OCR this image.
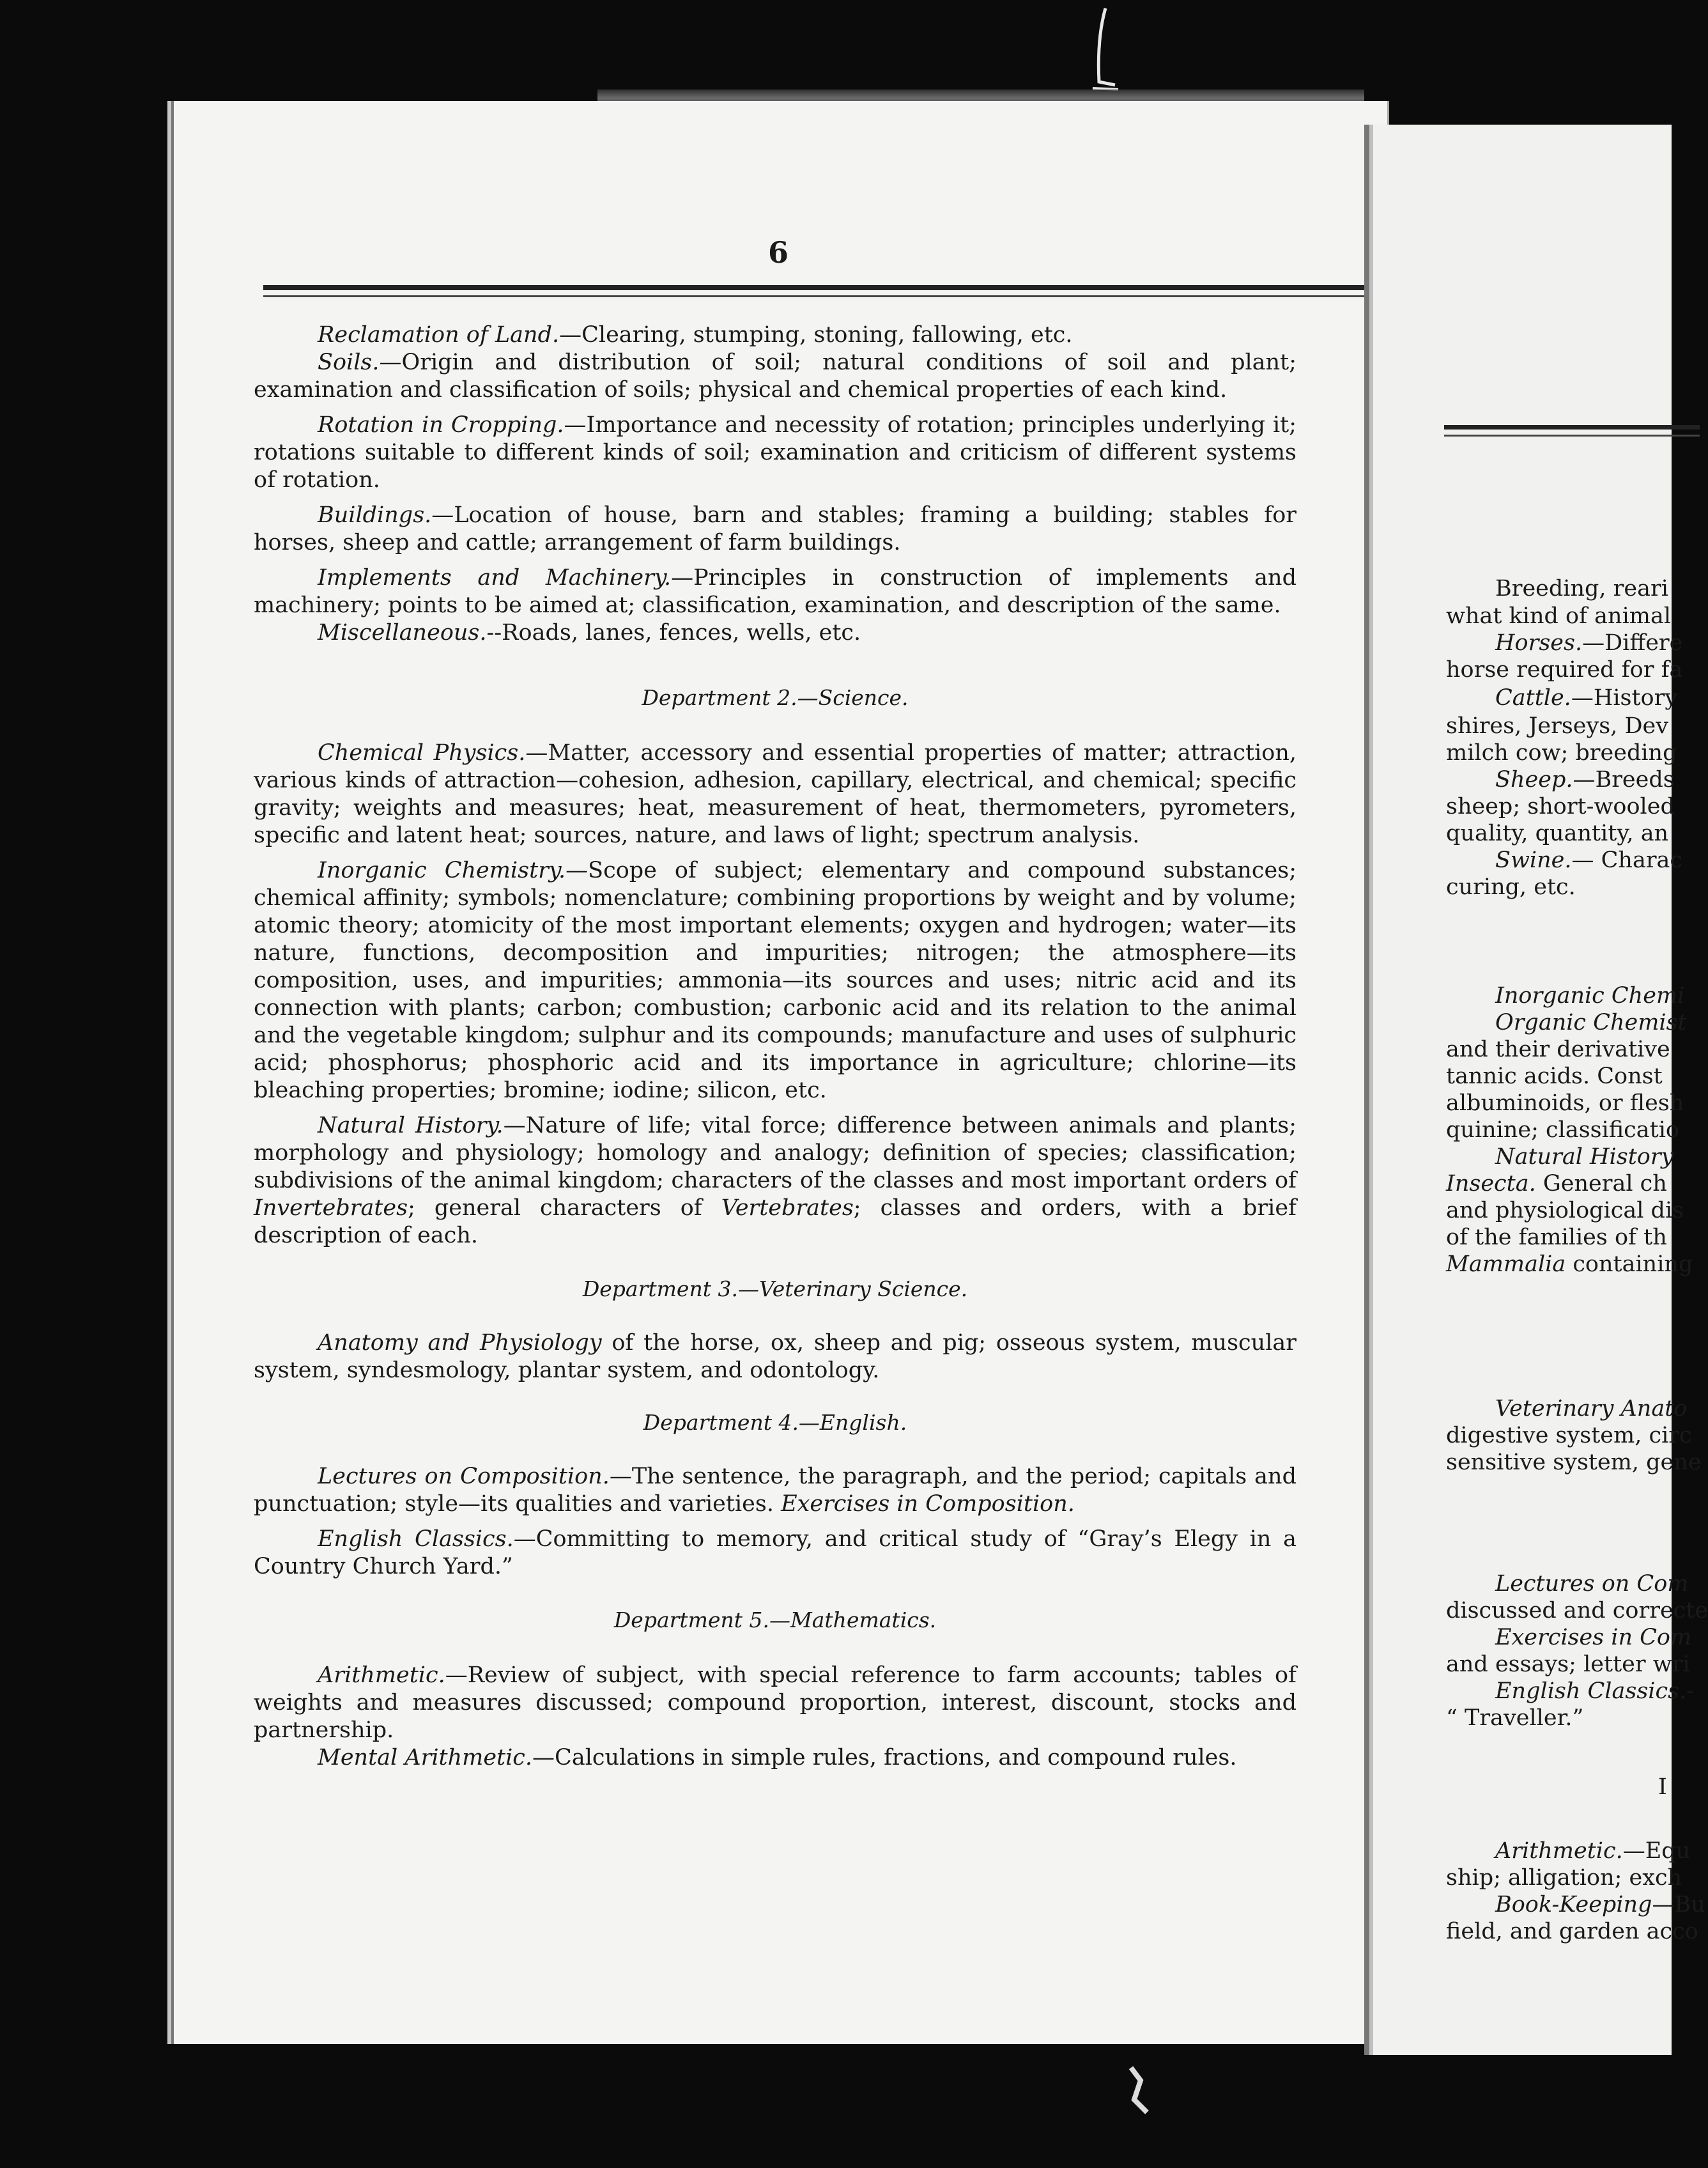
6

Reclamation of Land.—Clearing, stumping, stoning, fallowing, etc.

Soils.—Origin and distribution of soil; natural conditions of soil and plant; examination and classification of soils; physical and chemical properties of each kind.

Rotation in Cropping.—Importance and necessity of rotation; principles underlying it; rotations suitable to different kinds of soil; examination and criticism of different systems of rotation.

Buildings.—Location of house, barn and stables; framing a building; stables for horses, sheep and cattle; arrangement of farm buildings.

Implements and Machinery.—Principles in construction of implements and machinery; points to be aimed at; classification, examination, and description of the same.

Miscellaneous.--Roads, lanes, fences, wells, etc.

Department 2.—Science.

Chemical Physics.—Matter, accessory and essential properties of matter; attraction, various kinds of attraction—cohesion, adhesion, capillary, electrical, and chemical; specific gravity; weights and measures; heat, measurement of heat, thermometers, pyrometers, specific and latent heat; sources, nature, and laws of light; spectrum analysis.

Inorganic Chemistry.—Scope of subject; elementary and compound substances; chemical affinity; symbols; nomenclature; combining proportions by weight and by volume; atomic theory; atomicity of the most important elements; oxygen and hydrogen; water—its nature, functions, decomposition and impurities; nitrogen; the atmosphere—its composition, uses, and impurities; ammonia—its sources and uses; nitric acid and its connection with plants; carbon; combustion; carbonic acid and its relation to the animal and the vegetable kingdom; sulphur and its compounds; manufacture and uses of sulphuric acid; phosphorus; phosphoric acid and its importance in agriculture; chlorine—its bleaching properties; bromine; iodine; silicon, etc.

Natural History.—Nature of life; vital force; difference between animals and plants; morphology and physiology; homology and analogy; definition of species; classification; subdivisions of the animal kingdom; characters of the classes and most important orders of Invertebrates; general characters of Vertebrates; classes and orders, with a brief description of each.

Department 3.—Veterinary Science.

Anatomy and Physiology of the horse, ox, sheep and pig; osseous system, muscular system, syndesmology, plantar system, and odontology.

Department 4.—English.

Lectures on Composition.—The sentence, the paragraph, and the period; capitals and punctuation; style—its qualities and varieties. Exercises in Composition.

English Classics.—Committing to memory, and critical study of “Gray’s Elegy in a Country Church Yard.”

Department 5.—Mathematics.

Arithmetic.—Review of subject, with special reference to farm accounts; tables of weights and measures discussed; compound proportion, interest, discount, stocks and partnership.

Mental Arithmetic.—Calculations in simple rules, fractions, and compound rules.

Breeding, reari
what kind of animal
Horses.—Differe
horse required for fa
Cattle.—History
shires, Jerseys, Dev
milch cow; breeding
Sheep.—Breeds
sheep; short-wooled
quality, quantity, an
Swine.— Charac
curing, etc.
Inorganic Chemi
Organic Chemist
and their derivative
tannic acids. Const
albuminoids, or flesh
quinine; classificatio
Natural History
Insecta. General ch
and physiological dis
of the families of th
Mammalia containing
Veterinary Anato
digestive system, circ
sensitive system, gene
Lectures on Com
discussed and correcte
Exercises in Com
and essays; letter wri
English Classics.-
“ Traveller.”
I
Arithmetic.—Equ
ship; alligation; exch
Book-Keeping—Bu
field, and garden acco
